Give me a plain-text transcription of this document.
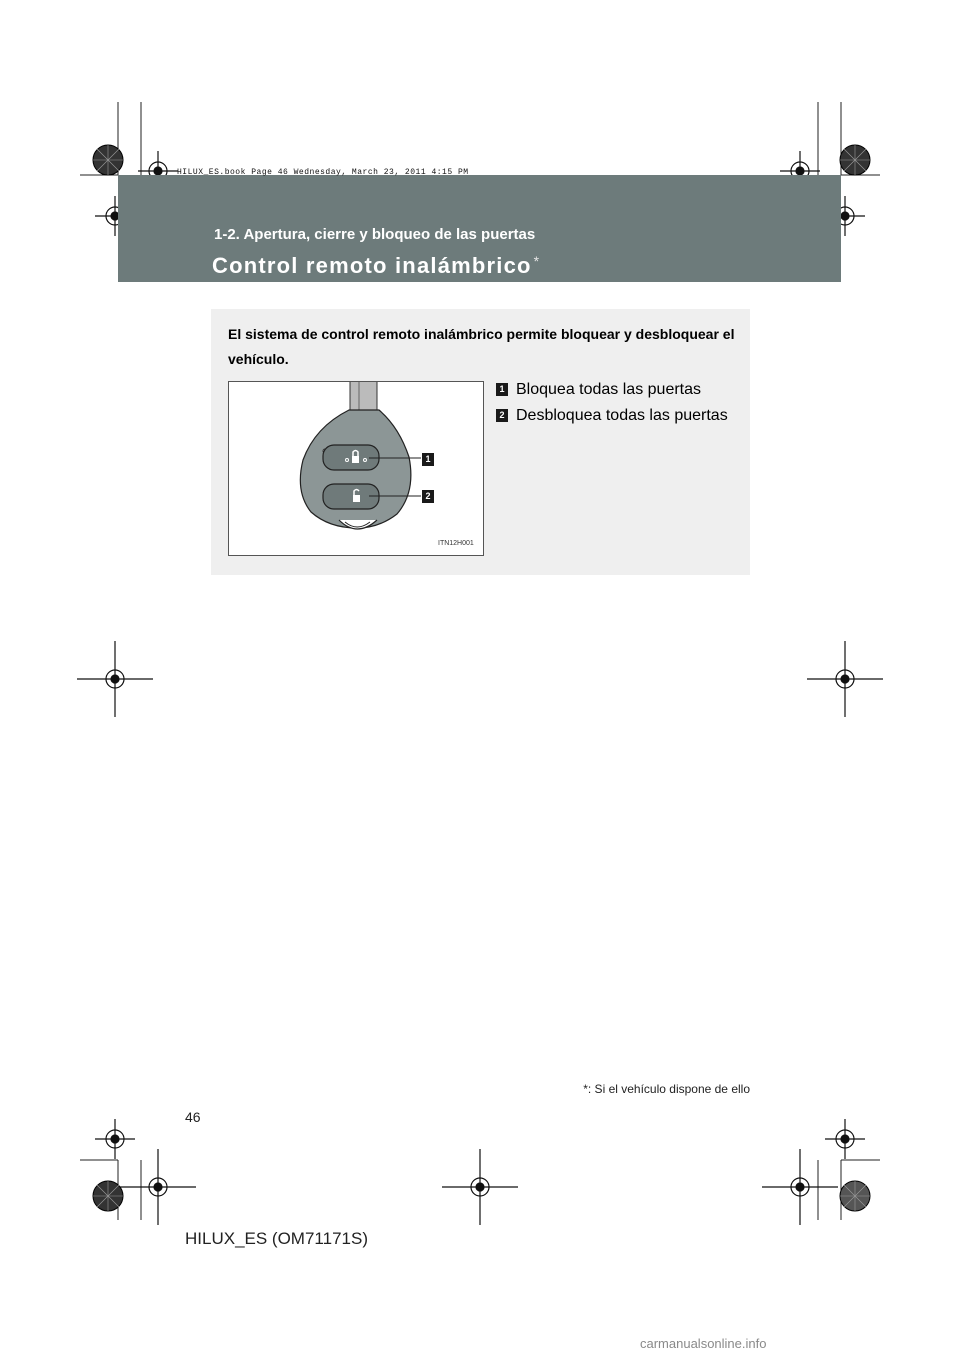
HILUX_ES.book Page 46 Wednesday, March 23, 2011 4:15 PM
1-2. Apertura, cierre y bloqueo de las puertas
Control remoto inalámbrico *
El sistema de control remoto inalámbrico permite bloquear y desbloquear el vehículo.
1
2
ITN12H001
1 Bloquea todas las puertas
2 Desbloquea todas las puertas
*: Si el vehículo dispone de ello
46
HILUX_ES (OM71171S)
carmanualsonline.info
